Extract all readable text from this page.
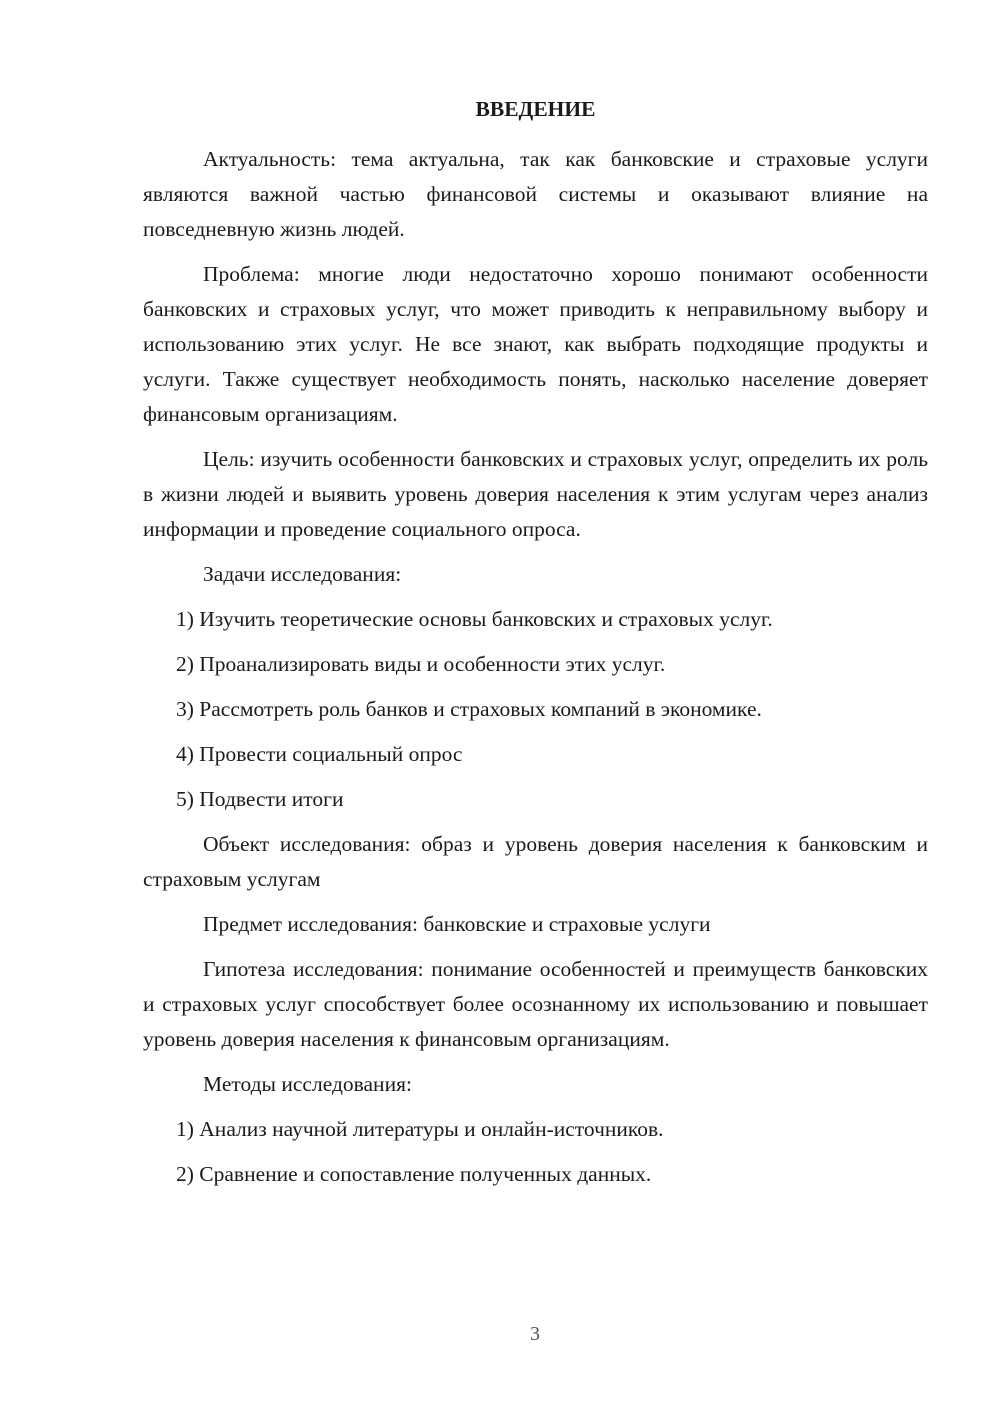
ВВЕДЕНИЕ

Актуальность: тема актуальна, так как банковские и страховые услуги являются важной частью финансовой системы и оказывают влияние на повседневную жизнь людей.

Проблема: многие люди недостаточно хорошо понимают особенности банковских и страховых услуг, что может приводить к неправильному выбору и использованию этих услуг. Не все знают, как выбрать подходящие продукты и услуги. Также существует необходимость понять, насколько население доверяет финансовым организациям.

Цель: изучить особенности банковских и страховых услуг, определить их роль в жизни людей и выявить уровень доверия населения к этим услугам через анализ информации и проведение социального опроса.

Задачи исследования:

1) Изучить теоретические основы банковских и страховых услуг.

2) Проанализировать виды и особенности этих услуг.

3) Рассмотреть роль банков и страховых компаний в экономике.

4) Провести социальный опрос

5) Подвести итоги

Объект исследования: образ и уровень доверия населения к банковским и страховым услугам

Предмет исследования: банковские и страховые услуги

Гипотеза исследования: понимание особенностей и преимуществ банковских и страховых услуг способствует более осознанному их использованию и повышает уровень доверия населения к финансовым организациям.

Методы исследования:

1) Анализ научной литературы и онлайн-источников.

2) Сравнение и сопоставление полученных данных.

3
